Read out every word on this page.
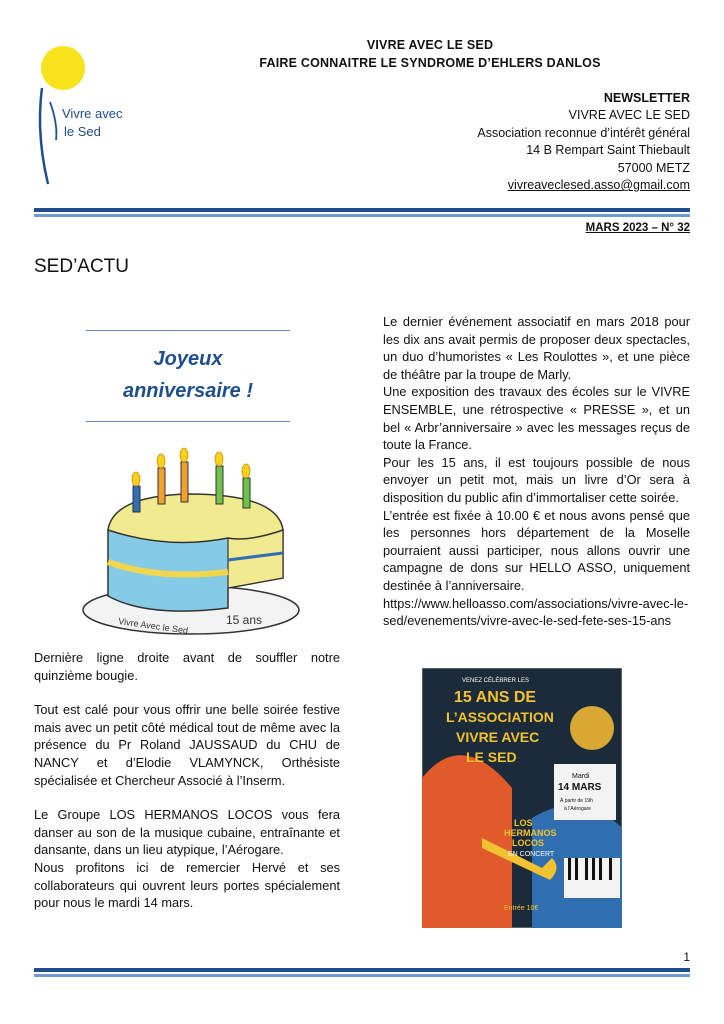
Vivre avec
le Sed
VIVRE AVEC LE SED
FAIRE CONNAITRE LE SYNDROME D’EHLERS DANLOS
NEWSLETTER
VIVRE AVEC LE SED
Association reconnue d’intérêt général
14 B Rempart Saint Thiebault
57000 METZ
vivreaveclesed.asso@gmail.com
MARS 2023 – N° 32
SED’ACTU
Joyeux
anniversaire !
Vivre Avec le Sed	15 ans

Dernière ligne droite avant de souffler notre quinzième bougie.

Tout est calé pour vous offrir une belle soirée festive mais avec un petit côté médical tout de même avec la présence du Pr Roland JAUSSAUD du CHU de NANCY et d’Elodie VLAMYNCK, Orthésiste spécialisée et Chercheur Associé à l’Inserm.

Le Groupe LOS HERMANOS LOCOS vous fera danser au son de la musique cubaine, entraînante et dansante, dans un lieu atypique, l’Aérogare.

Nous profitons ici de remercier Hervé et ses collaborateurs qui ouvrent leurs portes spécialement pour nous le mardi 14 mars.

Le dernier événement associatif en mars 2018 pour les dix ans avait permis de proposer deux spectacles, un duo d’humoristes « Les Roulottes », et une pièce de théâtre par la troupe de Marly.

Une exposition des travaux des écoles sur le VIVRE ENSEMBLE, une rétrospective « PRESSE », et un bel « Arbr’anniversaire » avec les messages reçus de toute la France.

Pour les 15 ans, il est toujours possible de nous envoyer un petit mot, mais un livre d’Or sera à disposition du public afin d’immortaliser cette soirée.

L’entrée est fixée à 10.00 € et nous avons pensé que les personnes hors département de la Moselle pourraient aussi participer, nous allons ouvrir une campagne de dons sur HELLO ASSO, uniquement destinée à l’anniversaire.

https://www.helloasso.com/associations/vivre-avec-le-sed/evenements/vivre-avec-le-sed-fete-ses-15-ans

VENEZ CÉLÉBRER LES
15 ANS DE
L’ASSOCIATION
VIVRE AVEC
LE SED
Mardi
14 MARS
À partir de 19h
à l’Aérogare
LOS
HERMANOS
LOCOS
EN CONCERT
Entrée 10€
1
